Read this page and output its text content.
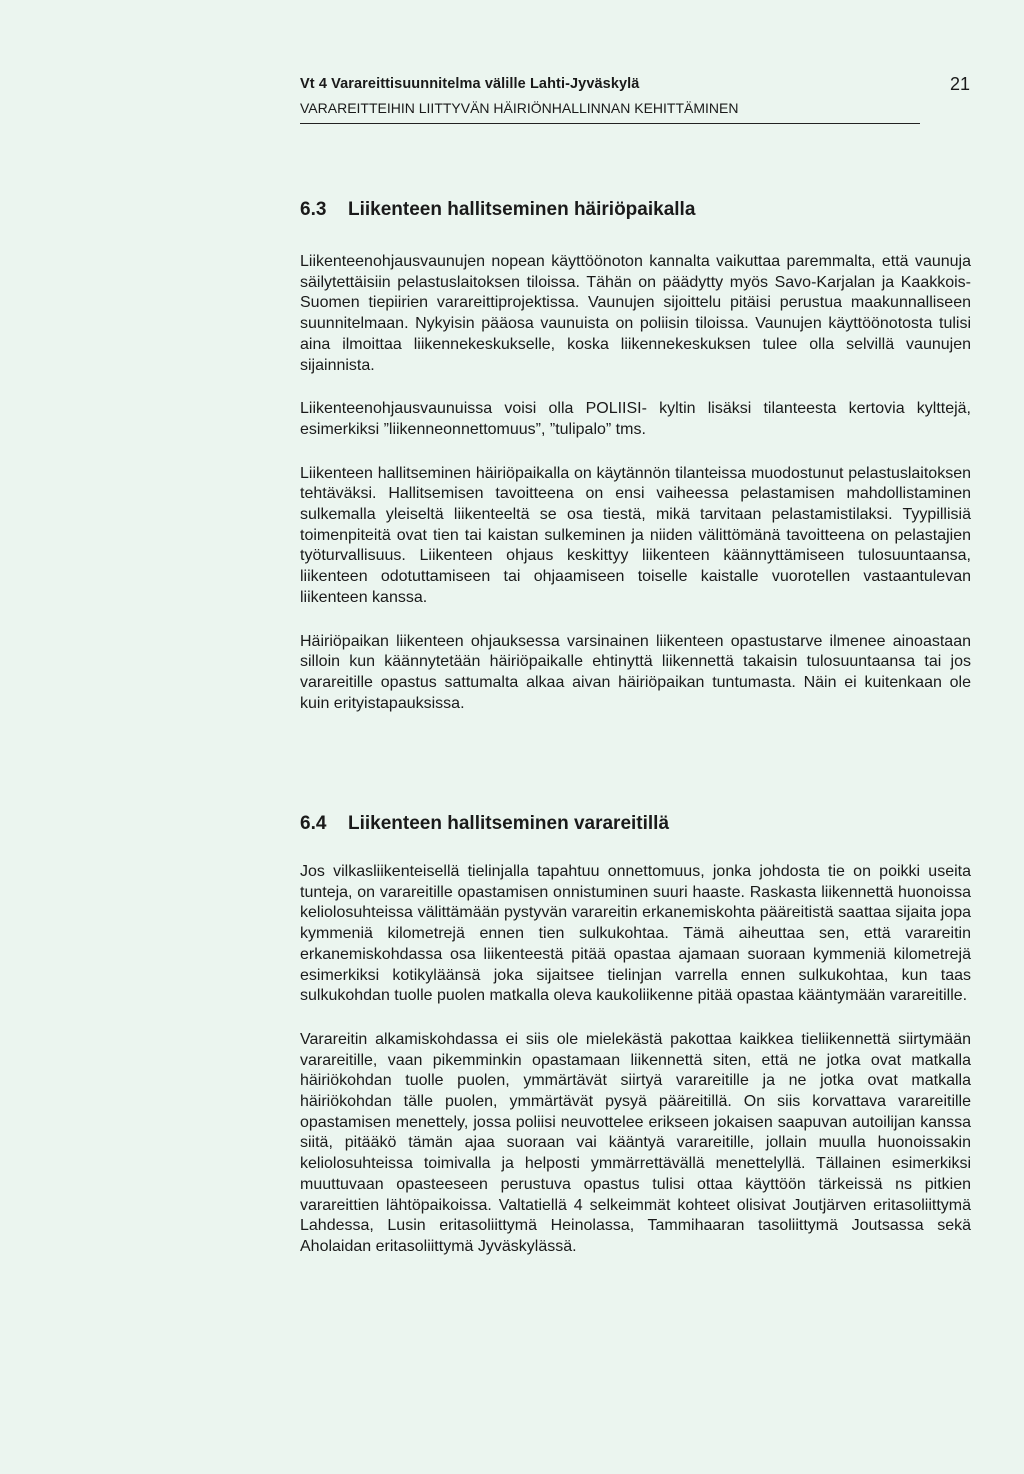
Vt 4 Varareittisuunnitelma välille Lahti-Jyväskylä
VARAREITTEIHIN LIITTYVÄN HÄIRIÖNHALLINNAN KEHITTÄMINEN
21
6.3 Liikenteen hallitseminen häiriöpaikalla

Liikenteenohjausvaunujen nopean käyttöönoton kannalta vaikuttaa paremmalta, että vaunuja säilytettäisiin pelastuslaitoksen tiloissa. Tähän on päädytty myös Savo-Karjalan ja Kaakkois-Suomen tiepiirien varareittiprojektissa. Vaunujen sijoittelu pitäisi perustua maakunnalliseen suunnitelmaan. Nykyisin pääosa vaunuista on poliisin tiloissa. Vaunujen käyttöönotosta tulisi aina ilmoittaa liikennekeskukselle, koska liikennekeskuksen tulee olla selvillä vaunujen sijainnista.

Liikenteenohjausvaunuissa voisi olla POLIISI- kyltin lisäksi tilanteesta kertovia kylttejä, esimerkiksi ”liikenneonnettomuus”, ”tulipalo” tms.

Liikenteen hallitseminen häiriöpaikalla on käytännön tilanteissa muodostunut pelastuslaitoksen tehtäväksi. Hallitsemisen tavoitteena on ensi vaiheessa pelastamisen mahdollistaminen sulkemalla yleiseltä liikenteeltä se osa tiestä, mikä tarvitaan pelastamistilaksi. Tyypillisiä toimenpiteitä ovat tien tai kaistan sulkeminen ja niiden välittömänä tavoitteena on pelastajien työturvallisuus. Liikenteen ohjaus keskittyy liikenteen käännyttämiseen tulosuuntaansa, liikenteen odotuttamiseen tai ohjaamiseen toiselle kaistalle vuorotellen vastaantulevan liikenteen kanssa.

Häiriöpaikan liikenteen ohjauksessa varsinainen liikenteen opastustarve ilmenee ainoastaan silloin kun käännytetään häiriöpaikalle ehtinyttä liikennettä takaisin tulosuuntaansa tai jos varareitille opastus sattumalta alkaa aivan häiriöpaikan tuntumasta. Näin ei kuitenkaan ole kuin erityistapauksissa.

6.4 Liikenteen hallitseminen varareitillä

Jos vilkasliikenteisellä tielinjalla tapahtuu onnettomuus, jonka johdosta tie on poikki useita tunteja, on varareitille opastamisen onnistuminen suuri haaste. Raskasta liikennettä huonoissa keliolosuhteissa välittämään pystyvän varareitin erkanemiskohta pääreitistä saattaa sijaita jopa kymmeniä kilometrejä ennen tien sulkukohtaa. Tämä aiheuttaa sen, että varareitin erkanemiskohdassa osa liikenteestä pitää opastaa ajamaan suoraan kymmeniä kilometrejä esimerkiksi kotikyläänsä joka sijaitsee tielinjan varrella ennen sulkukohtaa, kun taas sulkukohdan tuolle puolen matkalla oleva kaukoliikenne pitää opastaa kääntymään varareitille.

Varareitin alkamiskohdassa ei siis ole mielekästä pakottaa kaikkea tieliikennettä siirtymään varareitille, vaan pikemminkin opastamaan liikennettä siten, että ne jotka ovat matkalla häiriökohdan tuolle puolen, ymmärtävät siirtyä varareitille ja ne jotka ovat matkalla häiriökohdan tälle puolen, ymmärtävät pysyä pääreitillä. On siis korvattava varareitille opastamisen menettely, jossa poliisi neuvottelee erikseen jokaisen saapuvan autoilijan kanssa siitä, pitääkö tämän ajaa suoraan vai kääntyä varareitille, jollain muulla huonoissakin keliolosuhteissa toimivalla ja helposti ymmärrettävällä menettelyllä. Tällainen esimerkiksi muuttuvaan opasteeseen perustuva opastus tulisi ottaa käyttöön tärkeissä ns pitkien varareittien lähtöpaikoissa. Valtatiellä 4 selkeimmät kohteet olisivat Joutjärven eritasoliittymä Lahdessa, Lusin eritasoliittymä Heinolassa, Tammihaaran tasoliittymä Joutsassa sekä Aholaidan eritasoliittymä Jyväskylässä.
